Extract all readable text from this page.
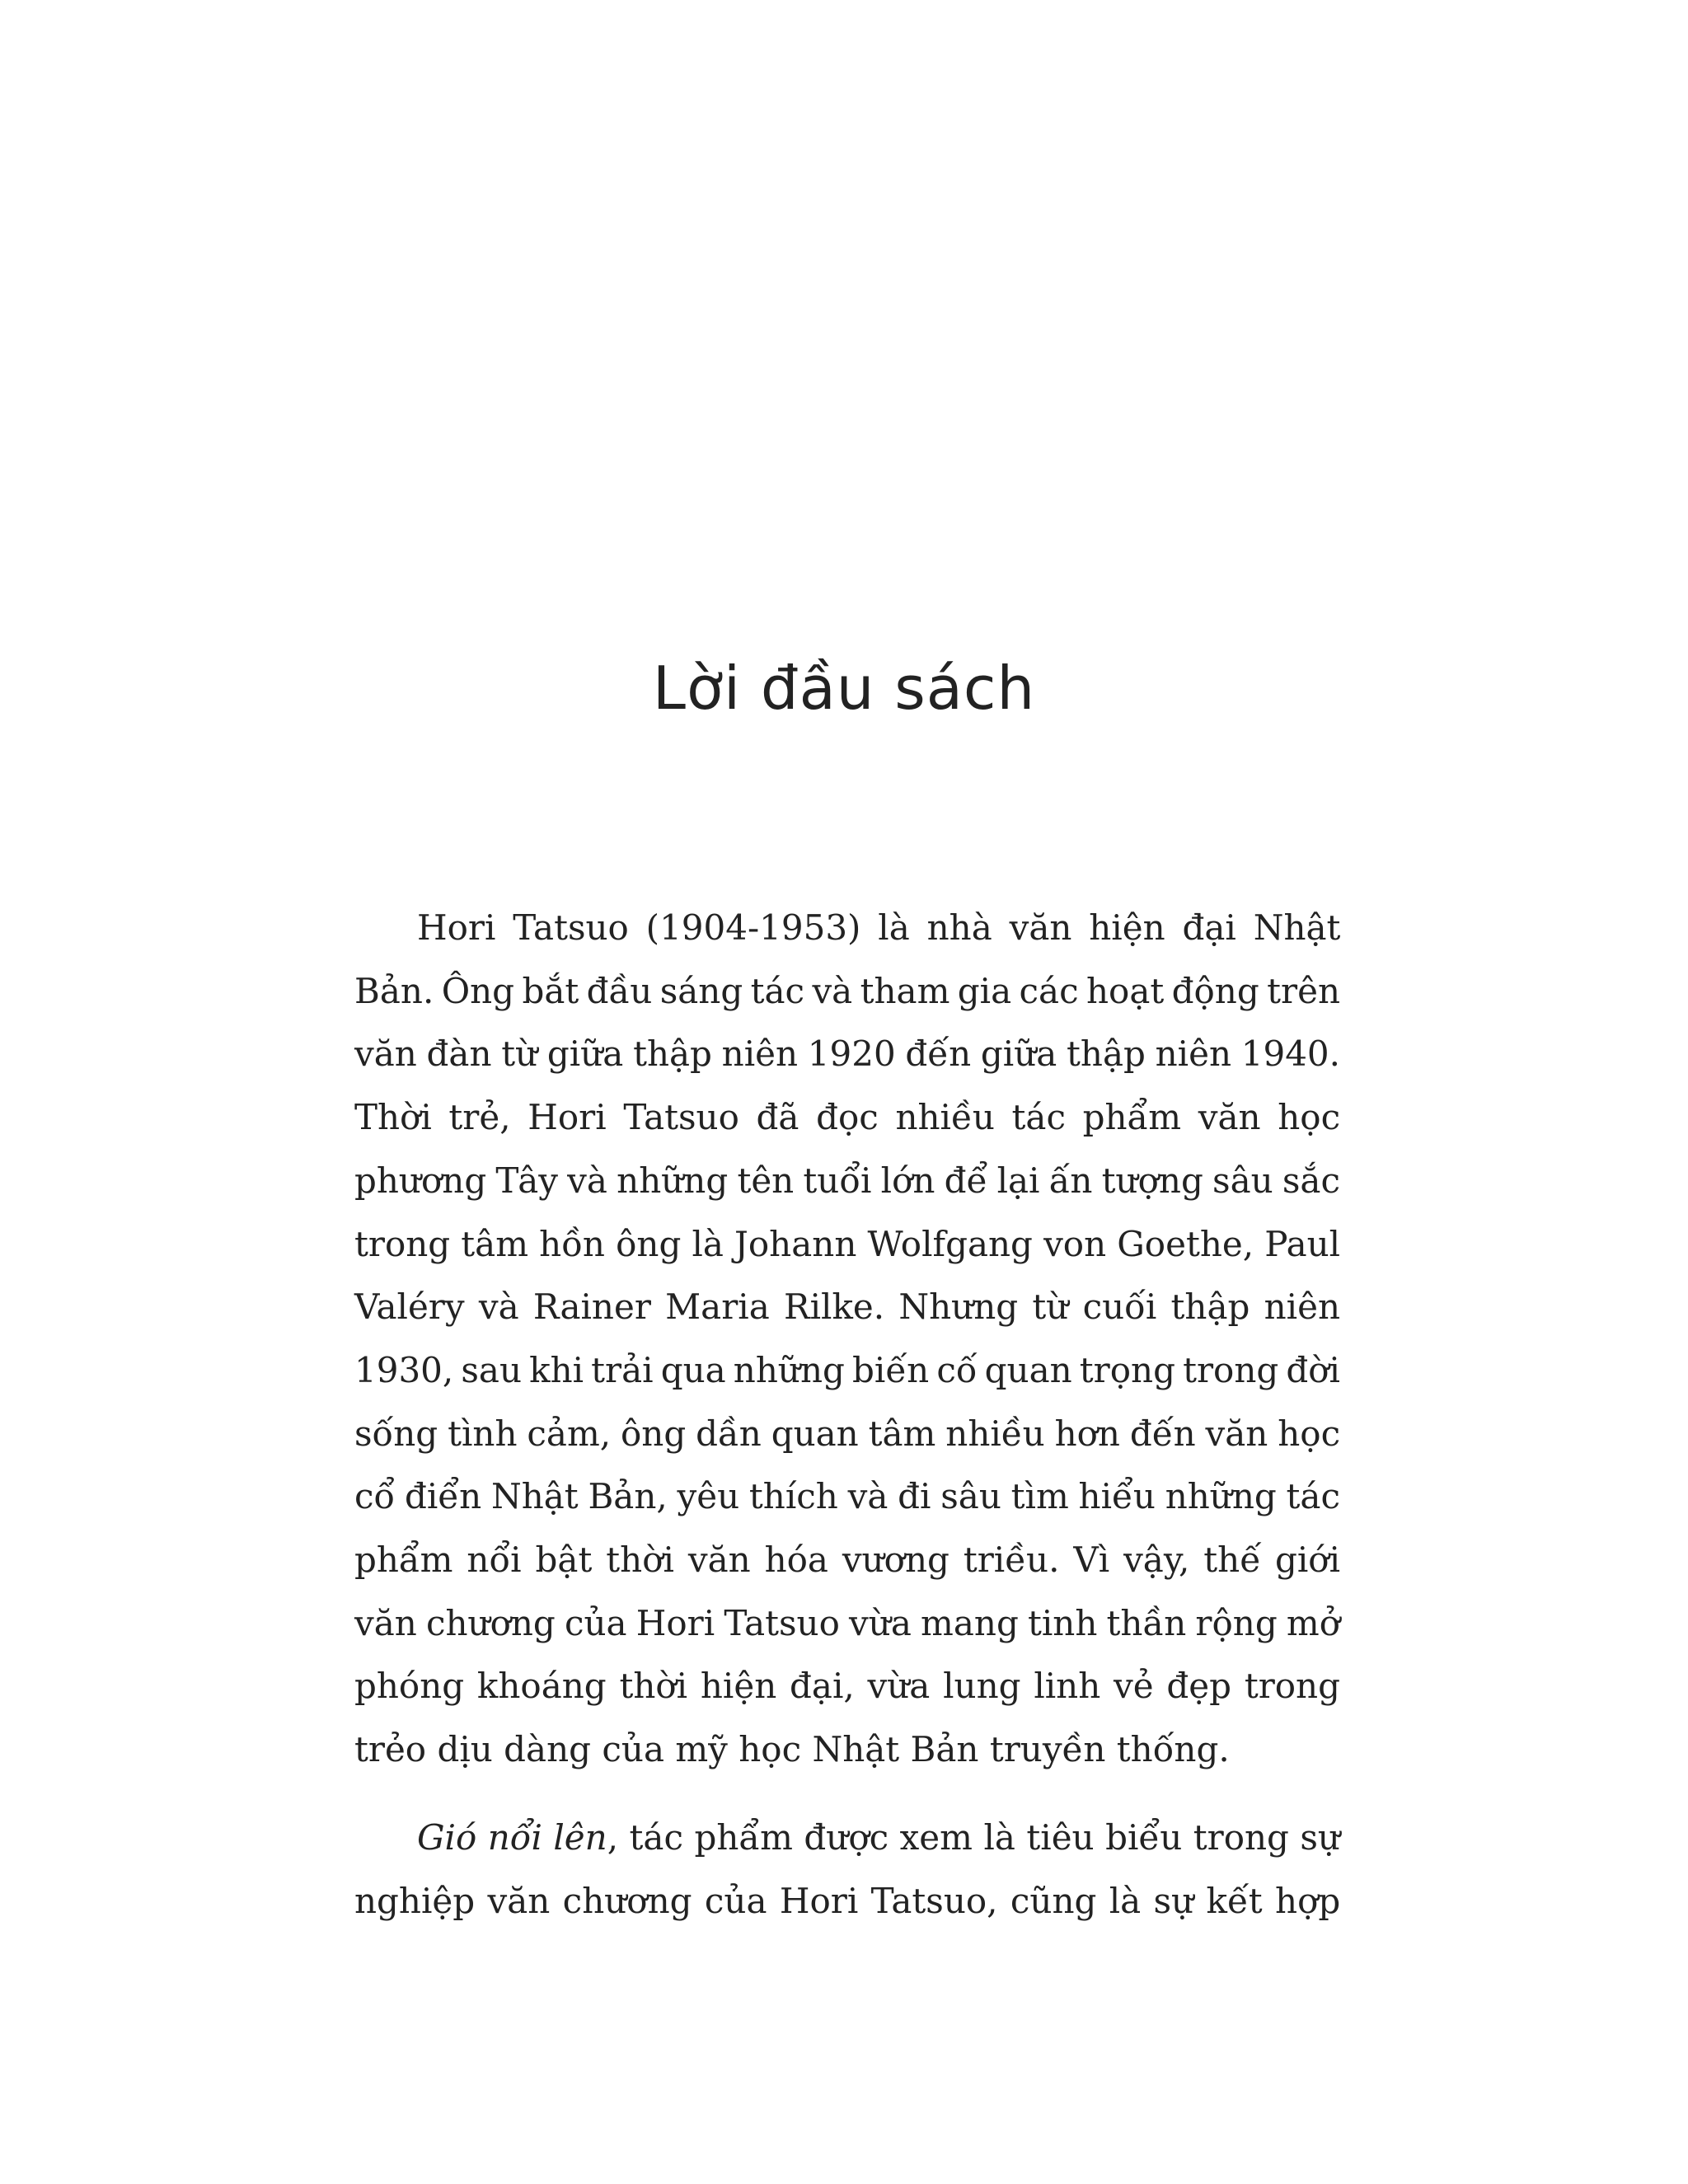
Lời đầu sách

Hori Tatsuo (1904-1953) là nhà văn hiện đại Nhật
Bản. Ông bắt đầu sáng tác và tham gia các hoạt động trên
văn đàn từ giữa thập niên 1920 đến giữa thập niên 1940.
Thời trẻ, Hori Tatsuo đã đọc nhiều tác phẩm văn học
phương Tây và những tên tuổi lớn để lại ấn tượng sâu sắc
trong tâm hồn ông là Johann Wolfgang von Goethe, Paul
Valéry và Rainer Maria Rilke. Nhưng từ cuối thập niên
1930, sau khi trải qua những biến cố quan trọng trong đời
sống tình cảm, ông dần quan tâm nhiều hơn đến văn học
cổ điển Nhật Bản, yêu thích và đi sâu tìm hiểu những tác
phẩm nổi bật thời văn hóa vương triều. Vì vậy, thế giới
văn chương của Hori Tatsuo vừa mang tinh thần rộng mở
phóng khoáng thời hiện đại, vừa lung linh vẻ đẹp trong
trẻo dịu dàng của mỹ học Nhật Bản truyền thống.

Gió nổi lên, tác phẩm được xem là tiêu biểu trong sự
nghiệp văn chương của Hori Tatsuo, cũng là sự kết hợp
